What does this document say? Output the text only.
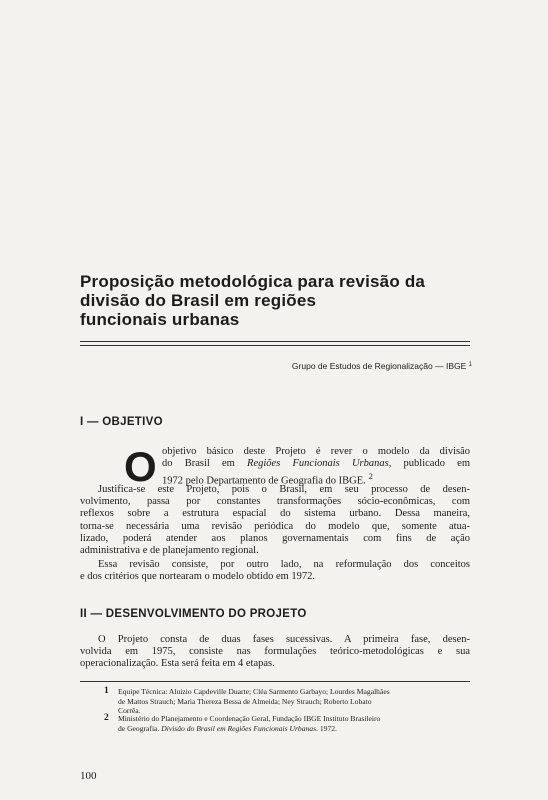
Proposição metodológica para revisão da
divisão do Brasil em regiões
funcionais urbanas
Grupo de Estudos de Regionalização — IBGE $^1$
I — OBJETIVO
O objetivo básico deste Projeto é rever o modelo da divisão
do Brasil em Regiões Funcionais Urbanas, publicado em
1972 pelo Departamento de Geografia do IBGE. $^2$
Justifica-se este Projeto, pois o Brasil, em seu processo de desen-
volvimento, passa por constantes transformações sócio-econômicas, com
reflexos sobre a estrutura espacial do sistema urbano. Dessa maneira,
torna-se necessária uma revisão periódica do modelo que, somente atua-
lizado, poderá atender aos planos governamentais com fins de ação
administrativa e de planejamento regional.
Essa revisão consiste, por outro lado, na reformulação dos conceitos
e dos critérios que nortearam o modelo obtido em 1972.
II — DESENVOLVIMENTO DO PROJETO
O Projeto consta de duas fases sucessivas. A primeira fase, desen-
volvida em 1975, consiste nas formulações teórico-metodológicas e sua
operacionalização. Esta será feita em 4 etapas.
1 Equipe Técnica: Aluizio Capdeville Duarte; Cléa Sarmento Garbayo; Lourdes Magalhães
de Mattos Strauch; Maria Therezа Bessa de Almeida; Ney Strauch; Roberto Lobato
Corrêa.
2 Ministério do Planejamento e Coordenação Geral, Fundação IBGE Instituto Brasileiro
de Geografia. Divisão do Brasil em Regiões Funcionais Urbanas. 1972.
100
